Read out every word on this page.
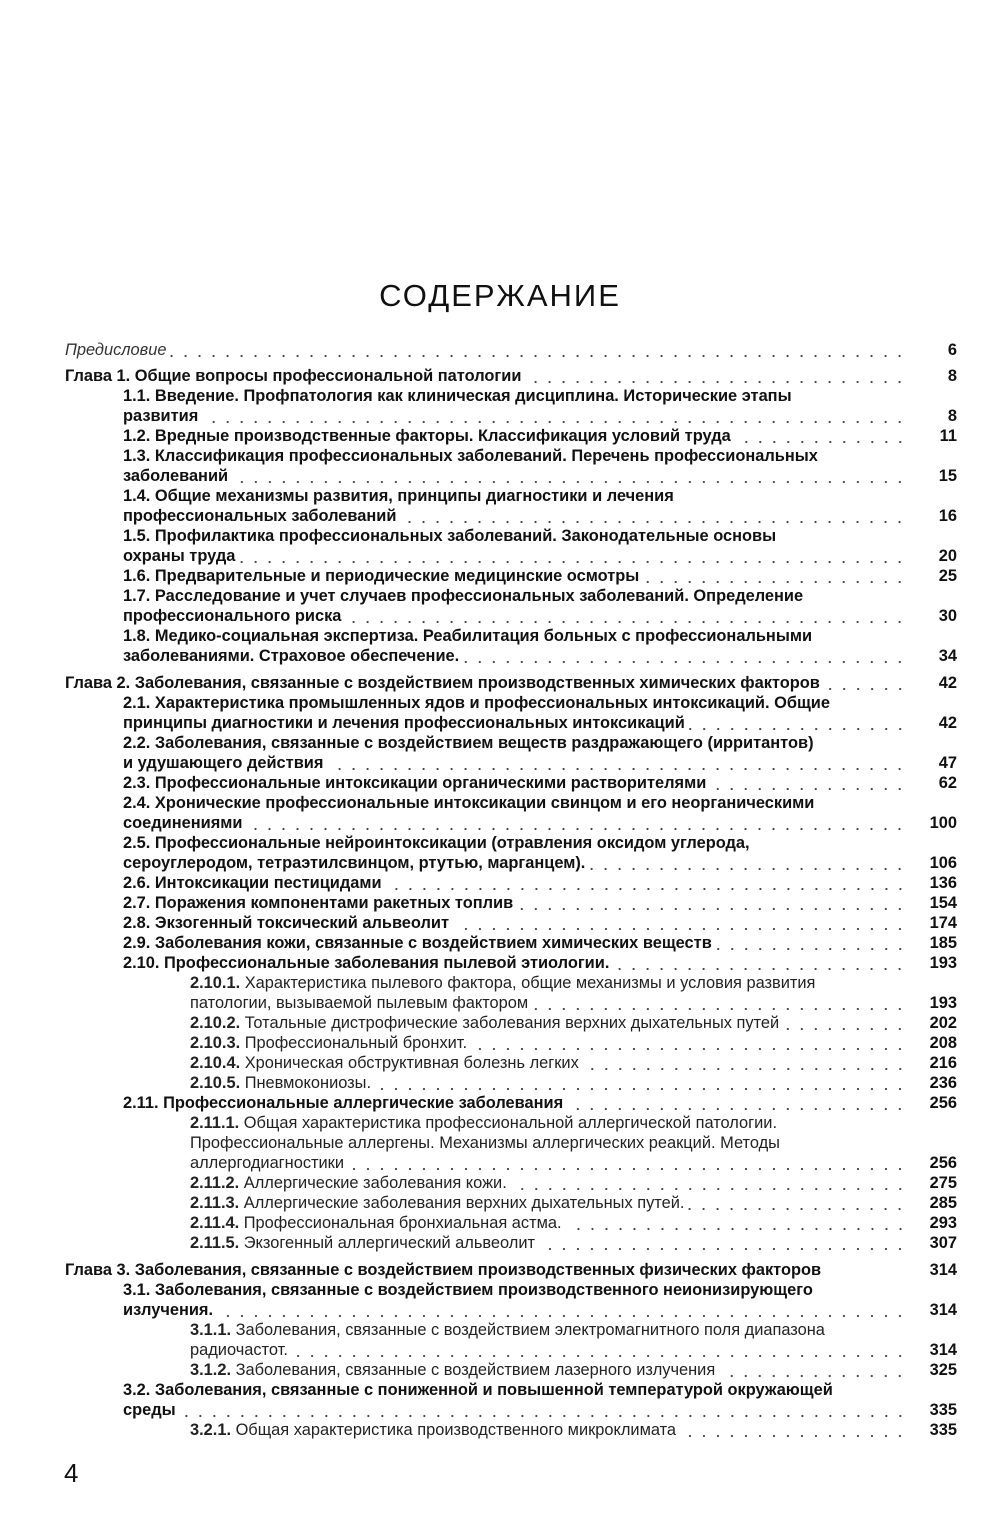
СОДЕРЖАНИЕ
Предисловие	6
Глава 1. Общие вопросы профессиональной патологии	8
1.1. Введение. Профпатология как клиническая дисциплина. Исторические этапы
развития	8
1.2. Вредные производственные факторы. Классификация условий труда	11
1.3. Классификация профессиональных заболеваний. Перечень профессиональных
заболеваний	15
1.4. Общие механизмы развития, принципы диагностики и лечения
профессиональных заболеваний	16
1.5. Профилактика профессиональных заболеваний. Законодательные основы
охраны труда	20
1.6. Предварительные и периодические медицинские осмотры	25
1.7. Расследование и учет случаев профессиональных заболеваний. Определение
профессионального риска	30
1.8. Медико-социальная экспертиза. Реабилитация больных с профессиональными
заболеваниями. Страховое обеспечение.	34
Глава 2. Заболевания, связанные с воздействием производственных химических факторов	42
2.1. Характеристика промышленных ядов и профессиональных интоксикаций. Общие
принципы диагностики и лечения профессиональных интоксикаций	42
2.2. Заболевания, связанные с воздействием веществ раздражающего (ирритантов)
и удушающего действия	47
2.3. Профессиональные интоксикации органическими растворителями	62
2.4. Хронические профессиональные интоксикации свинцом и его неорганическими
соединениями	100
2.5. Профессиональные нейроинтоксикации (отравления оксидом углерода,
сероуглеродом, тетраэтилсвинцом, ртутью, марганцем).	106
2.6. Интоксикации пестицидами	136
2.7. Поражения компонентами ракетных топлив	154
2.8. Экзогенный токсический альвеолит	174
2.9. Заболевания кожи, связанные с воздействием химических веществ	185
2.10. Профессиональные заболевания пылевой этиологии.	193
2.10.1. Характеристика пылевого фактора, общие механизмы и условия развития
патологии, вызываемой пылевым фактором	193
2.10.2. Тотальные дистрофические заболевания верхних дыхательных путей	202
2.10.3. Профессиональный бронхит.	208
2.10.4. Хроническая обструктивная болезнь легких	216
2.10.5. Пневмокониозы.	236
2.11. Профессиональные аллергические заболевания	256
2.11.1. Общая характеристика профессиональной аллергической патологии.
Профессиональные аллергены. Механизмы аллергических реакций. Методы
аллергодиагностики	256
2.11.2. Аллергические заболевания кожи.	275
2.11.3. Аллергические заболевания верхних дыхательных путей.	285
2.11.4. Профессиональная бронхиальная астма.	293
2.11.5. Экзогенный аллергический альвеолит	307
Глава 3. Заболевания, связанные с воздействием производственных физических факторов	314
3.1. Заболевания, связанные с воздействием производственного неионизирующего
излучения.	314
3.1.1. Заболевания, связанные с воздействием электромагнитного поля диапазона
радиочастот.	314
3.1.2. Заболевания, связанные с воздействием лазерного излучения	325
3.2. Заболевания, связанные с пониженной и повышенной температурой окружающей
среды	335
3.2.1. Общая характеристика производственного микроклимата	335
4
